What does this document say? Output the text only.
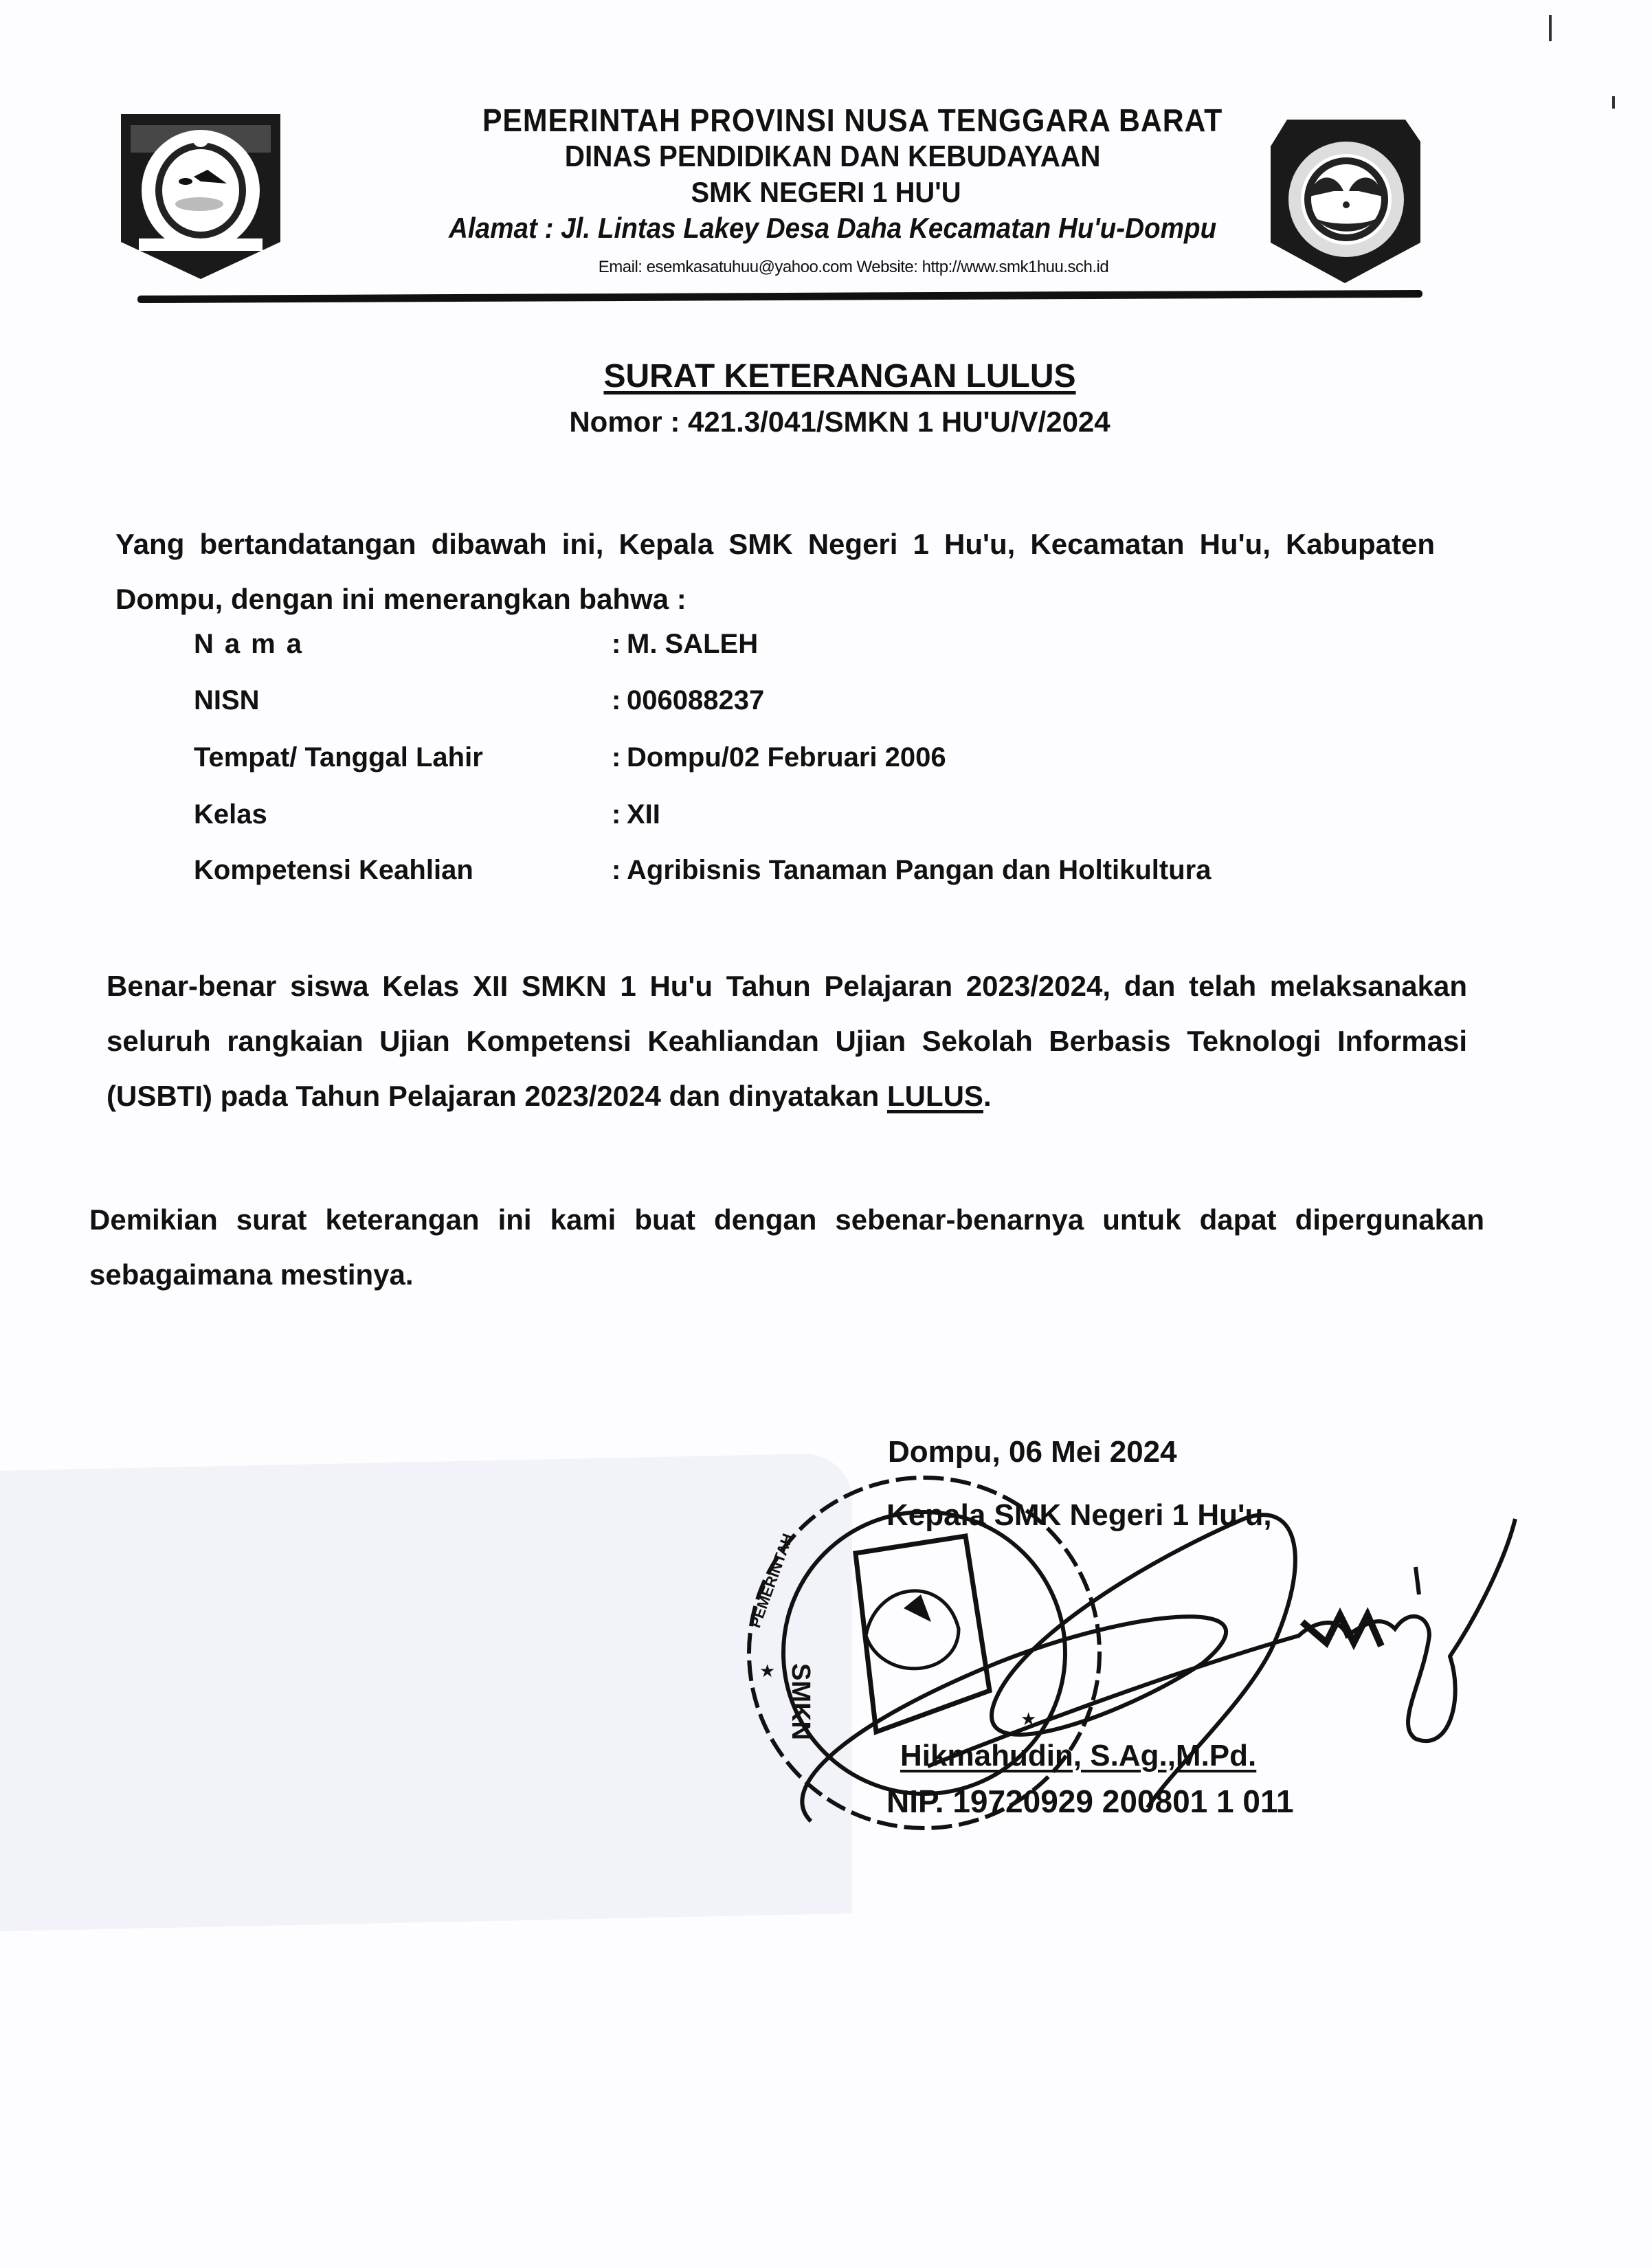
PEMERINTAH PROVINSI NUSA TENGGARA BARAT
DINAS PENDIDIKAN DAN KEBUDAYAAN
SMK NEGERI 1 HU'U
Alamat : Jl. Lintas Lakey Desa Daha Kecamatan Hu'u-Dompu
Email: esemkasatuhuu@yahoo.com Website: http://www.smk1huu.sch.id
SURAT KETERANGAN LULUS
Nomor : 421.3/041/SMKN 1 HU'U/V/2024
Yang bertandatangan dibawah ini, Kepala SMK Negeri 1 Hu'u, Kecamatan Hu'u, Kabupaten Dompu, dengan ini menerangkan bahwa :
Nama	: M. SALEH
NISN	: 006088237
Tempat/ Tanggal Lahir	: Dompu/02 Februari 2006
Kelas	: XII
Kompetensi Keahlian	: Agribisnis Tanaman Pangan dan Holtikultura
Benar-benar siswa Kelas XII SMKN 1 Hu'u Tahun Pelajaran 2023/2024, dan telah melaksanakan seluruh rangkaian Ujian Kompetensi Keahliandan Ujian Sekolah Berbasis Teknologi Informasi (USBTI) pada Tahun Pelajaran 2023/2024 dan dinyatakan LULUS.
Demikian surat keterangan ini kami buat dengan sebenar-benarnya untuk dapat dipergunakan sebagaimana mestinya.
SMKN
PEMERINTAH
★
★
Dompu, 06 Mei 2024
Kepala SMK Negeri 1 Hu'u,
Hikmahudin, S.Ag.,M.Pd.
NIP. 19720929 200801 1 011
